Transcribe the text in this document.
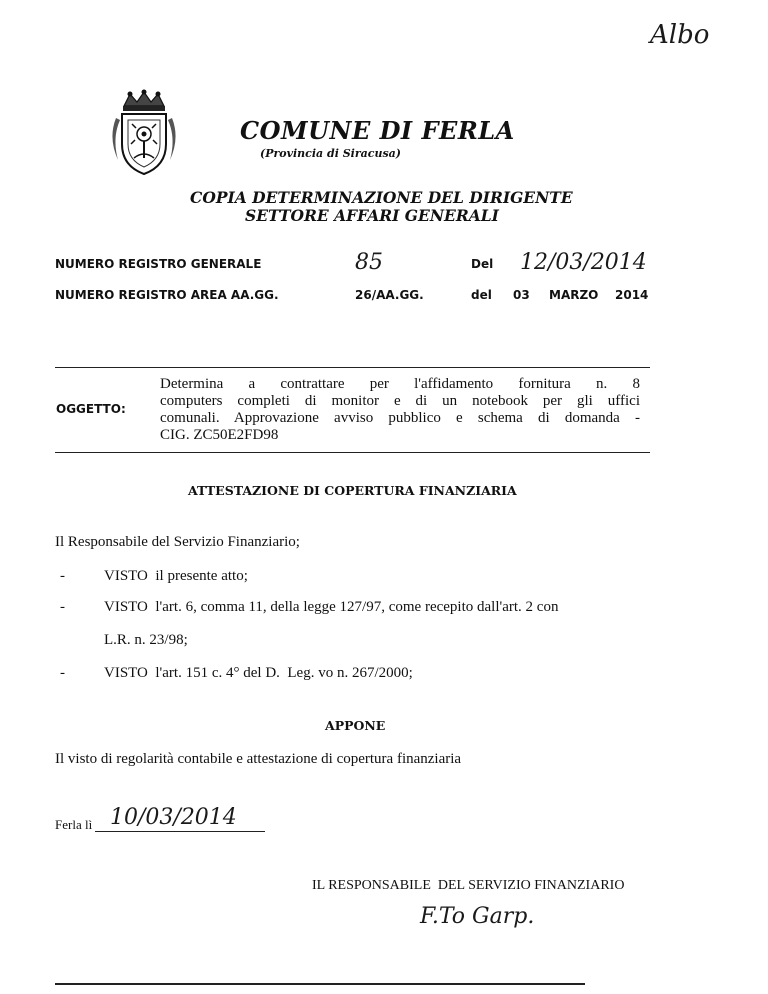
Albo
COMUNE DI FERLA
(Provincia di Siracusa)
COPIA DETERMINAZIONE DEL DIRIGENTE
SETTORE AFFARI GENERALI
NUMERO REGISTRO GENERALE	85	Del 12/03/2014
NUMERO REGISTRO AREA AA.GG.	26/AA.GG.	del 03 MARZO 2014
OGGETTO:
Determina a contrattare per l'affidamento fornitura n. 8
computers completi di monitor e di un notebook per gli uffici
comunali. Approvazione avviso pubblico e schema di domanda -
CIG. ZC50E2FD98
ATTESTAZIONE DI COPERTURA FINANZIARIA
Il Responsabile del Servizio Finanziario;
-	VISTO  il presente atto;
-	VISTO  l'art. 6, comma 11, della legge 127/97, come recepito dall'art. 2 con
L.R. n. 23/98;
-	VISTO  l'art. 151 c. 4° del D.  Leg. vo n. 267/2000;
APPONE
Il visto di regolarità contabile e attestazione di copertura finanziaria
Ferla lì 10/03/2014
IL RESPONSABILE  DEL SERVIZIO FINANZIARIO
F.To Garp.
